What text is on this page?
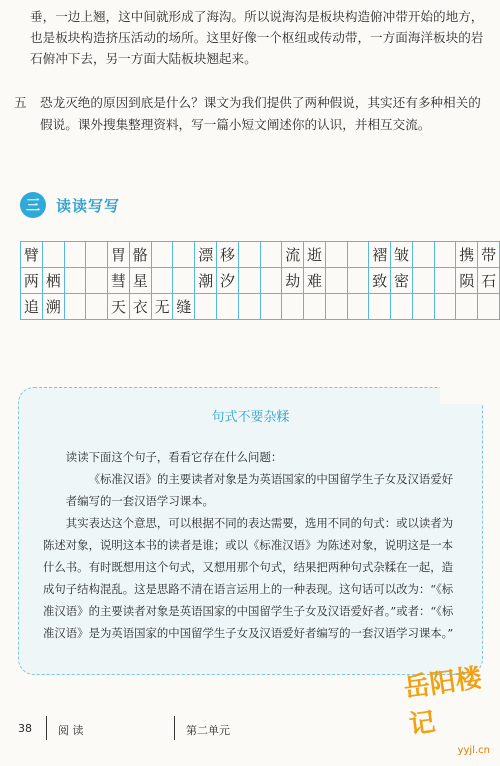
垂，一边上翘，这中间就形成了海沟。所以说海沟是板块构造俯冲带开始的地方，

也是板块构造挤压活动的场所。这里好像一个枢纽或传动带，一方面海洋板块的岩

石俯冲下去，另一方面大陆板块翘起来。

五	恐龙灭绝的原因到底是什么？课文为我们提供了两种假说，其实还有多种相关的假说。课外搜集整理资料，写一篇小短文阐述你的认识，并相互交流。
三	读读写写
臂				胃	骼			漂	移			流	逝			褶	皱			携	带
两	栖			彗	星			潮	汐			劫	难			致	密			陨	石
追	溯			天	衣	无	缝														
句式不要杂糅

读读下面这个句子，看看它存在什么问题：

《标准汉语》的主要读者对象是为英语国家的中国留学生子女及汉语爱好者编写的一套汉语学习课本。

其实表达这个意思，可以根据不同的表达需要，选用不同的句式：或以读者为陈述对象，说明这本书的读者是谁；或以《标准汉语》为陈述对象，说明这是一本什么书。有时既想用这个句式，又想用那个句式，结果把两种句式杂糅在一起，造成句子结构混乱。这是思路不清在语言运用上的一种表现。这句话可以改为：“《标准汉语》的主要读者对象是英语国家的中国留学生子女及汉语爱好者。”或者：“《标准汉语》是为英语国家的中国留学生子女及汉语爱好者编写的一套汉语学习课本。”

38 阅 读	第二单元
岳阳楼记
yyjl.cn
